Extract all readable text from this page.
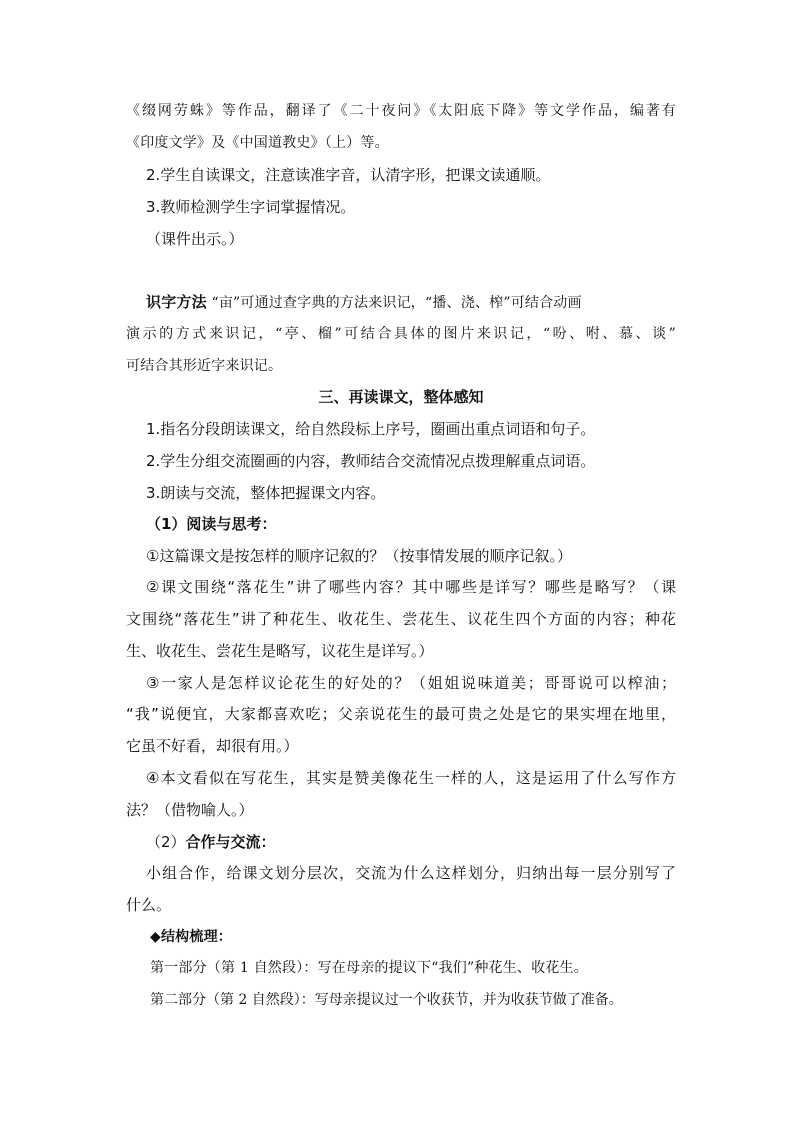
《缀网劳蛛》等作品，翻译了《二十夜问》《太阳底下降》等文学作品，编著有
《印度文学》及《中国道教史》（上）等。
2.学生自读课文，注意读准字音，认清字形，把课文读通顺。
3.教师检测学生字词掌握情况。
（课件出示。）
识字方法 “亩”可通过查字典的方法来识记，“播、浇、榨”可结合动画
演示的方式来识记，“亭、榴”可结合具体的图片来识记，“吩、咐、慕、谈”
可结合其形近字来识记。
三、再读课文，整体感知
1.指名分段朗读课文，给自然段标上序号，圈画出重点词语和句子。
2.学生分组交流圈画的内容，教师结合交流情况点拨理解重点词语。
3.朗读与交流，整体把握课文内容。
（1）阅读与思考：
①这篇课文是按怎样的顺序记叙的？（按事情发展的顺序记叙。）
②课文围绕“落花生”讲了哪些内容？其中哪些是详写？哪些是略写？（课
文围绕“落花生”讲了种花生、收花生、尝花生、议花生四个方面的内容；种花
生、收花生、尝花生是略写，议花生是详写。）
③一家人是怎样议论花生的好处的？（姐姐说味道美；哥哥说可以榨油；
“我”说便宜，大家都喜欢吃；父亲说花生的最可贵之处是它的果实埋在地里，
它虽不好看，却很有用。）
④本文看似在写花生，其实是赞美像花生一样的人，这是运用了什么写作方
法？（借物喻人。）
（2）合作与交流：
小组合作，给课文划分层次，交流为什么这样划分，归纳出每一层分别写了
什么。
◆结构梳理：
第一部分（第 1 自然段）：写在母亲的提议下“我们”种花生、收花生。
第二部分（第 2 自然段）：写母亲提议过一个收获节，并为收获节做了准备。
